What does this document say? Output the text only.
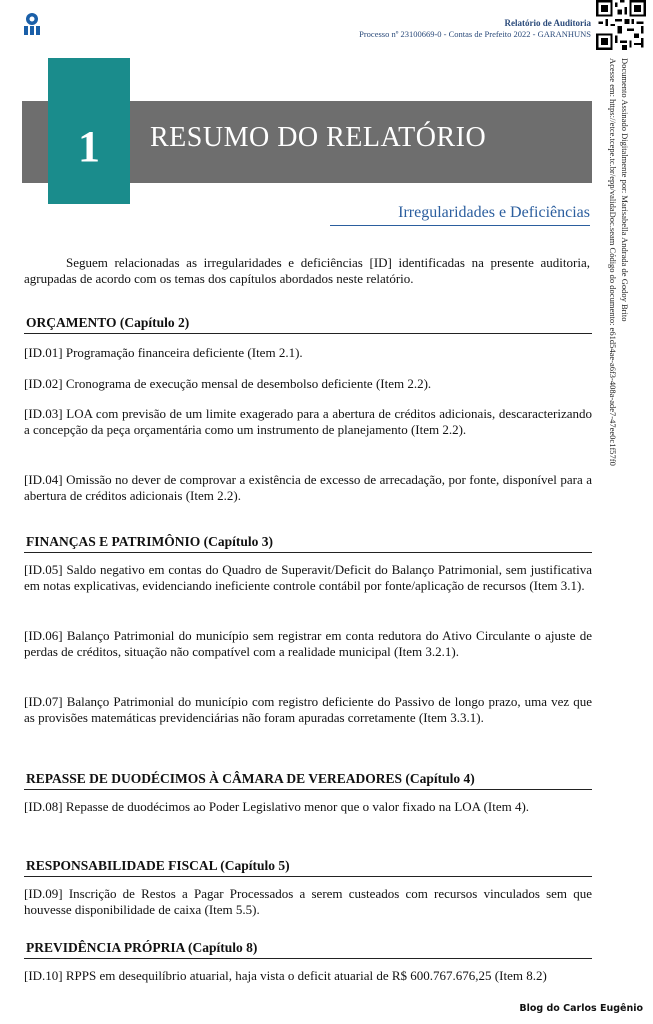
Relatório de Auditoria
Processo nº 23100669-0 - Contas de Prefeito 2022 - GARANHUNS
Documento Assinado Digitalmente por: Marisabella Andrada de Godoy Brito
Acesse em: https://etce.tcepe.tc.br/epp/validaDoc.seam Código do documento: e61d54ae-a6f3-408a-ade7-47ee0c1f57f0
1	RESUMO DO RELATÓRIO
Irregularidades e Deficiências
Seguem relacionadas as irregularidades e deficiências [ID] identificadas na presente auditoria, agrupadas de acordo com os temas dos capítulos abordados neste relatório.
ORÇAMENTO (Capítulo 2)
[ID.01] Programação financeira deficiente (Item 2.1).
[ID.02] Cronograma de execução mensal de desembolso deficiente (Item 2.2).
[ID.03] LOA com previsão de um limite exagerado para a abertura de créditos adicionais, descaracterizando a concepção da peça orçamentária como um instrumento de planejamento (Item 2.2).
[ID.04] Omissão no dever de comprovar a existência de excesso de arrecadação, por fonte, disponível para a abertura de créditos adicionais (Item 2.2).
FINANÇAS E PATRIMÔNIO (Capítulo 3)
[ID.05] Saldo negativo em contas do Quadro de Superavit/Deficit do Balanço Patrimonial, sem justificativa em notas explicativas, evidenciando ineficiente controle contábil por fonte/aplicação de recursos (Item 3.1).
[ID.06] Balanço Patrimonial do município sem registrar em conta redutora do Ativo Circulante o ajuste de perdas de créditos, situação não compatível com a realidade municipal (Item 3.2.1).
[ID.07] Balanço Patrimonial do município com registro deficiente do Passivo de longo prazo, uma vez que as provisões matemáticas previdenciárias não foram apuradas corretamente (Item 3.3.1).
REPASSE DE DUODÉCIMOS À CÂMARA DE VEREADORES (Capítulo 4)
[ID.08] Repasse de duodécimos ao Poder Legislativo menor que o valor fixado na LOA (Item 4).
RESPONSABILIDADE FISCAL (Capítulo 5)
[ID.09] Inscrição de Restos a Pagar Processados a serem custeados com recursos vinculados sem que houvesse disponibilidade de caixa (Item 5.5).
PREVIDÊNCIA PRÓPRIA (Capítulo 8)
[ID.10] RPPS em desequilíbrio atuarial, haja vista o deficit atuarial de R$ 600.767.676,25 (Item 8.2)
Blog do Carlos Eugênio
